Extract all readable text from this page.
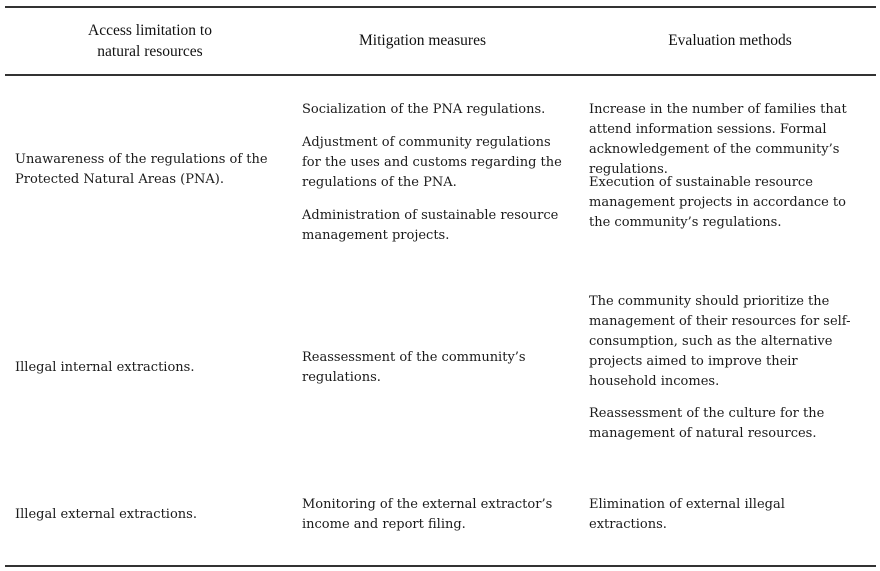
Access limitation to
natural resources
Mitigation measures	Evaluation methods
Unawareness of the regulations of the
Protected Natural Areas (PNA).
Socialization of the PNA regulations.
Adjustment of community regulations
for the uses and customs regarding the
regulations of the PNA.
Administration of sustainable resource
management projects.
Increase in the number of families that
attend information sessions. Formal
acknowledgement of the community’s
regulations.
Execution of sustainable resource
management projects in accordance to
the community’s regulations.
Illegal internal extractions.
Reassessment of the community’s
regulations.
The community should prioritize the
management of their resources for self-
consumption, such as the alternative
projects aimed to improve their
household incomes.
Reassessment of the culture for the
management of natural resources.
Illegal external extractions.
Monitoring of the external extractor’s
income and report filing.
Elimination of external illegal
extractions.
